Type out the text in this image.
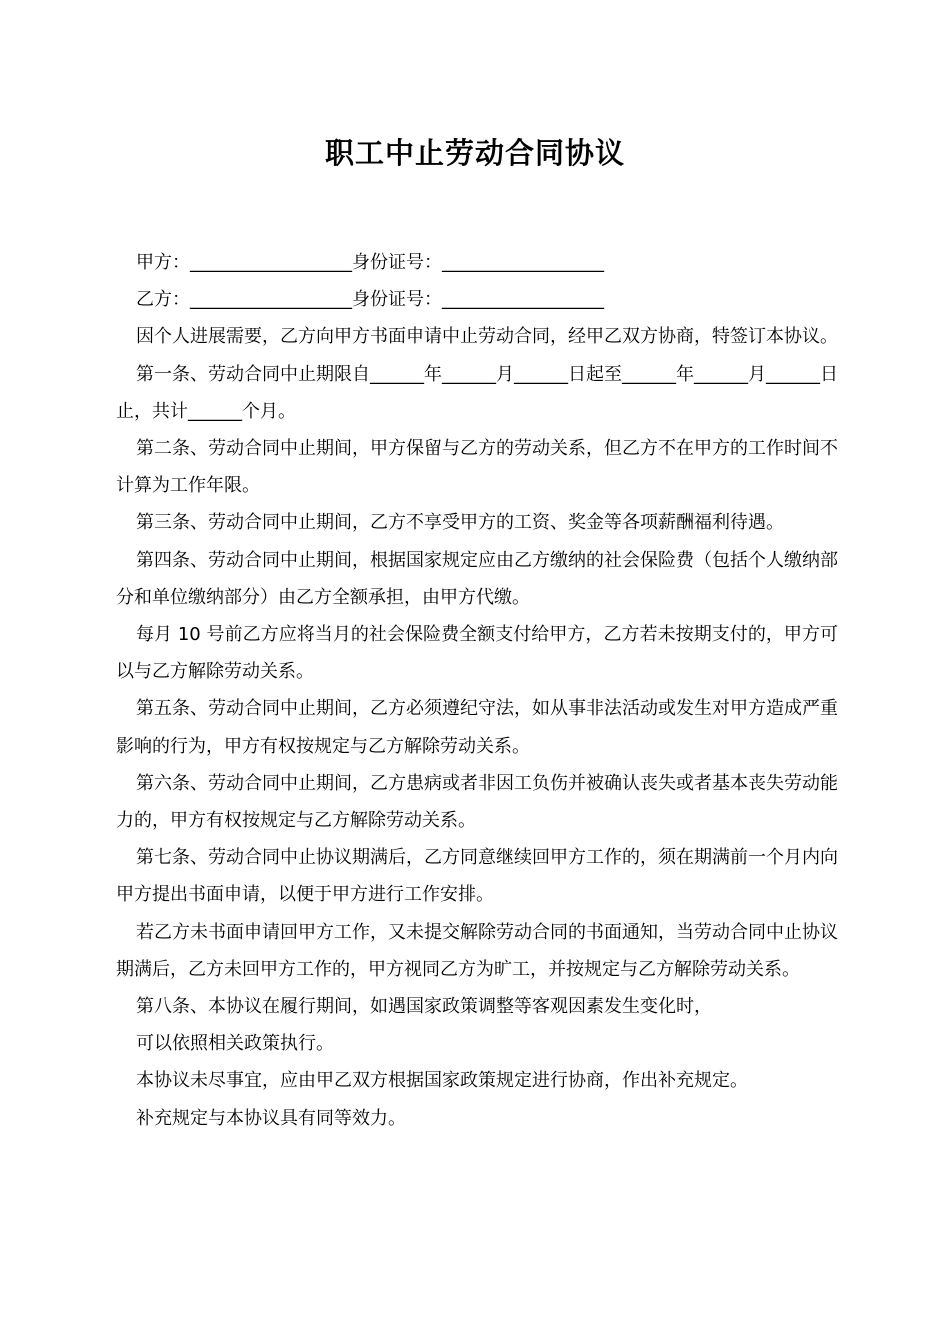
职工中止劳动合同协议

甲方：__________________身份证号：__________________

乙方：__________________身份证号：__________________

因个人进展需要，乙方向甲方书面申请中止劳动合同，经甲乙双方协商，特签订本协议。

第一条、劳动合同中止期限自______年______月______日起至______年______月______日止，共计______个月。

第二条、劳动合同中止期间，甲方保留与乙方的劳动关系，但乙方不在甲方的工作时间不计算为工作年限。

第三条、劳动合同中止期间，乙方不享受甲方的工资、奖金等各项薪酬福利待遇。

第四条、劳动合同中止期间，根据国家规定应由乙方缴纳的社会保险费（包括个人缴纳部分和单位缴纳部分）由乙方全额承担，由甲方代缴。

每月 10 号前乙方应将当月的社会保险费全额支付给甲方，乙方若未按期支付的，甲方可以与乙方解除劳动关系。

第五条、劳动合同中止期间，乙方必须遵纪守法，如从事非法活动或发生对甲方造成严重影响的行为，甲方有权按规定与乙方解除劳动关系。

第六条、劳动合同中止期间，乙方患病或者非因工负伤并被确认丧失或者基本丧失劳动能力的，甲方有权按规定与乙方解除劳动关系。

第七条、劳动合同中止协议期满后，乙方同意继续回甲方工作的，须在期满前一个月内向甲方提出书面申请，以便于甲方进行工作安排。

若乙方未书面申请回甲方工作，又未提交解除劳动合同的书面通知，当劳动合同中止协议期满后，乙方未回甲方工作的，甲方视同乙方为旷工，并按规定与乙方解除劳动关系。

第八条、本协议在履行期间，如遇国家政策调整等客观因素发生变化时，

可以依照相关政策执行。

本协议未尽事宜，应由甲乙双方根据国家政策规定进行协商，作出补充规定。

补充规定与本协议具有同等效力。
